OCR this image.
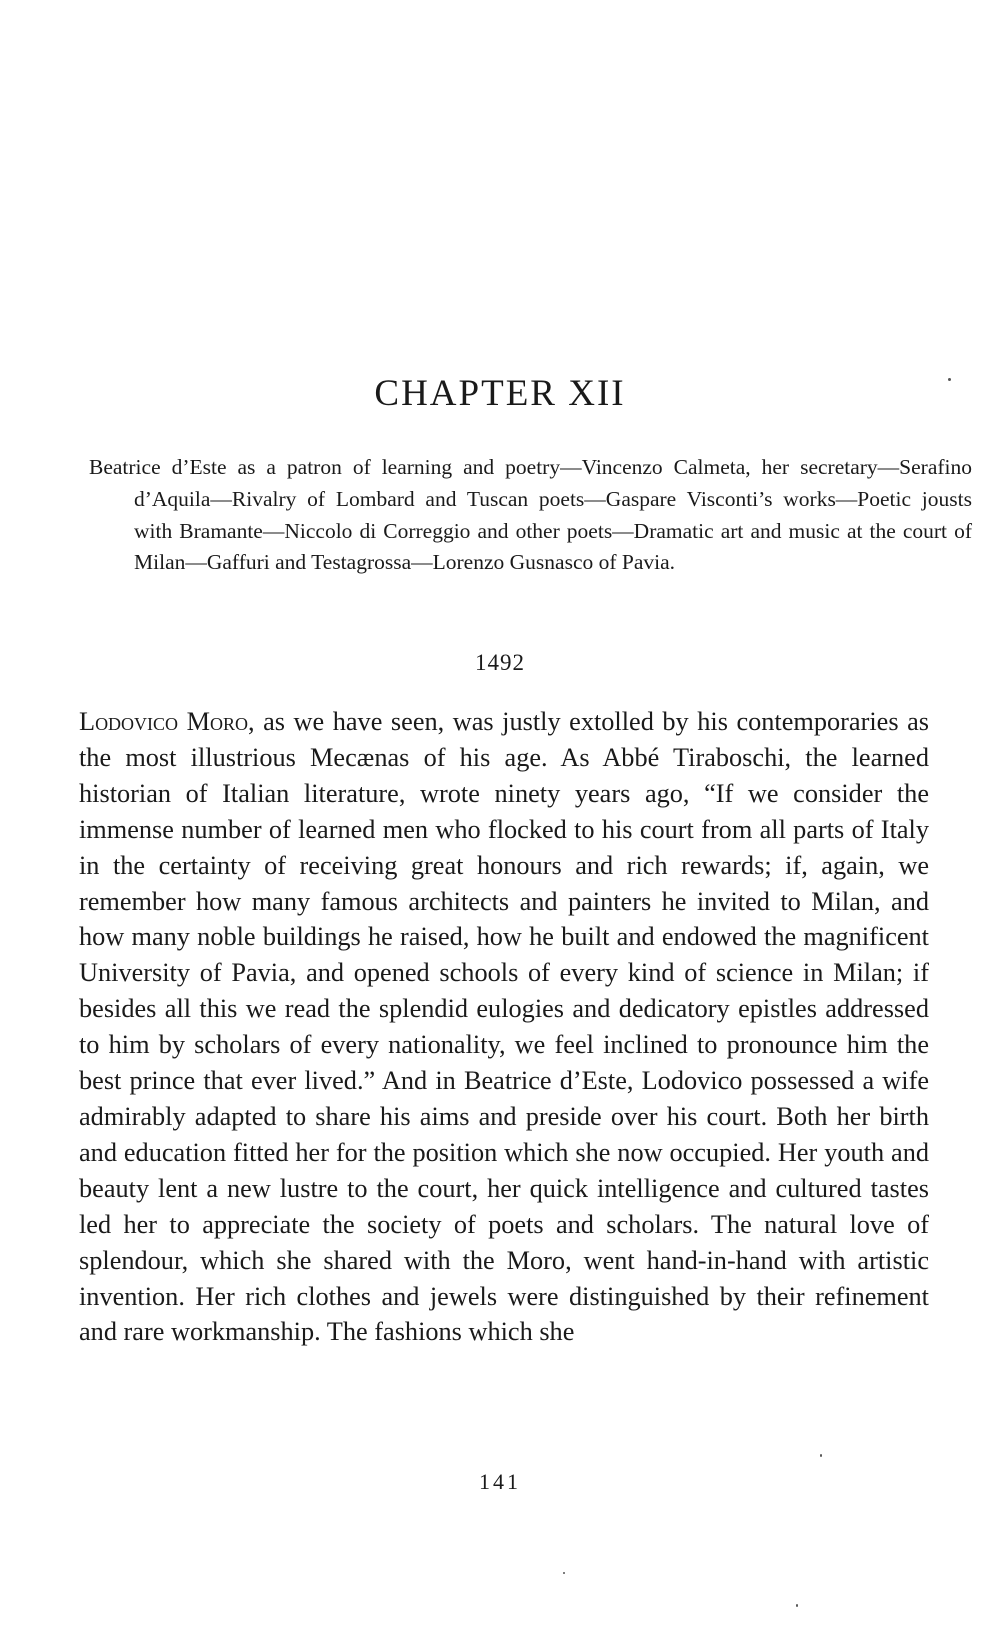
CHAPTER XII

Beatrice d’Este as a patron of learning and poetry—Vincenzo Calmeta, her secretary—Serafino d’Aquila—Rivalry of Lombard and Tuscan poets—Gaspare Visconti’s works—Poetic jousts with Bramante—Niccolo di Correggio and other poets—Dramatic art and music at the court of Milan—Gaffuri and Testagrossa—Lorenzo Gusnasco of Pavia.

1492

Lodovico Moro, as we have seen, was justly extolled by his contemporaries as the most illustrious Mecænas of his age. As Abbé Tiraboschi, the learned historian of Italian literature, wrote ninety years ago, “If we consider the immense number of learned men who flocked to his court from all parts of Italy in the certainty of receiving great honours and rich rewards; if, again, we remember how many famous architects and painters he invited to Milan, and how many noble buildings he raised, how he built and endowed the magnificent University of Pavia, and opened schools of every kind of science in Milan; if besides all this we read the splendid eulogies and dedicatory epistles addressed to him by scholars of every nationality, we feel inclined to pronounce him the best prince that ever lived.” And in Beatrice d’Este, Lodovico possessed a wife admirably adapted to share his aims and preside over his court. Both her birth and education fitted her for the position which she now occupied. Her youth and beauty lent a new lustre to the court, her quick intelligence and cultured tastes led her to appreciate the society of poets and scholars. The natural love of splendour, which she shared with the Moro, went hand-in-hand with artistic invention. Her rich clothes and jewels were distinguished by their refinement and rare workmanship. The fashions which she

141
